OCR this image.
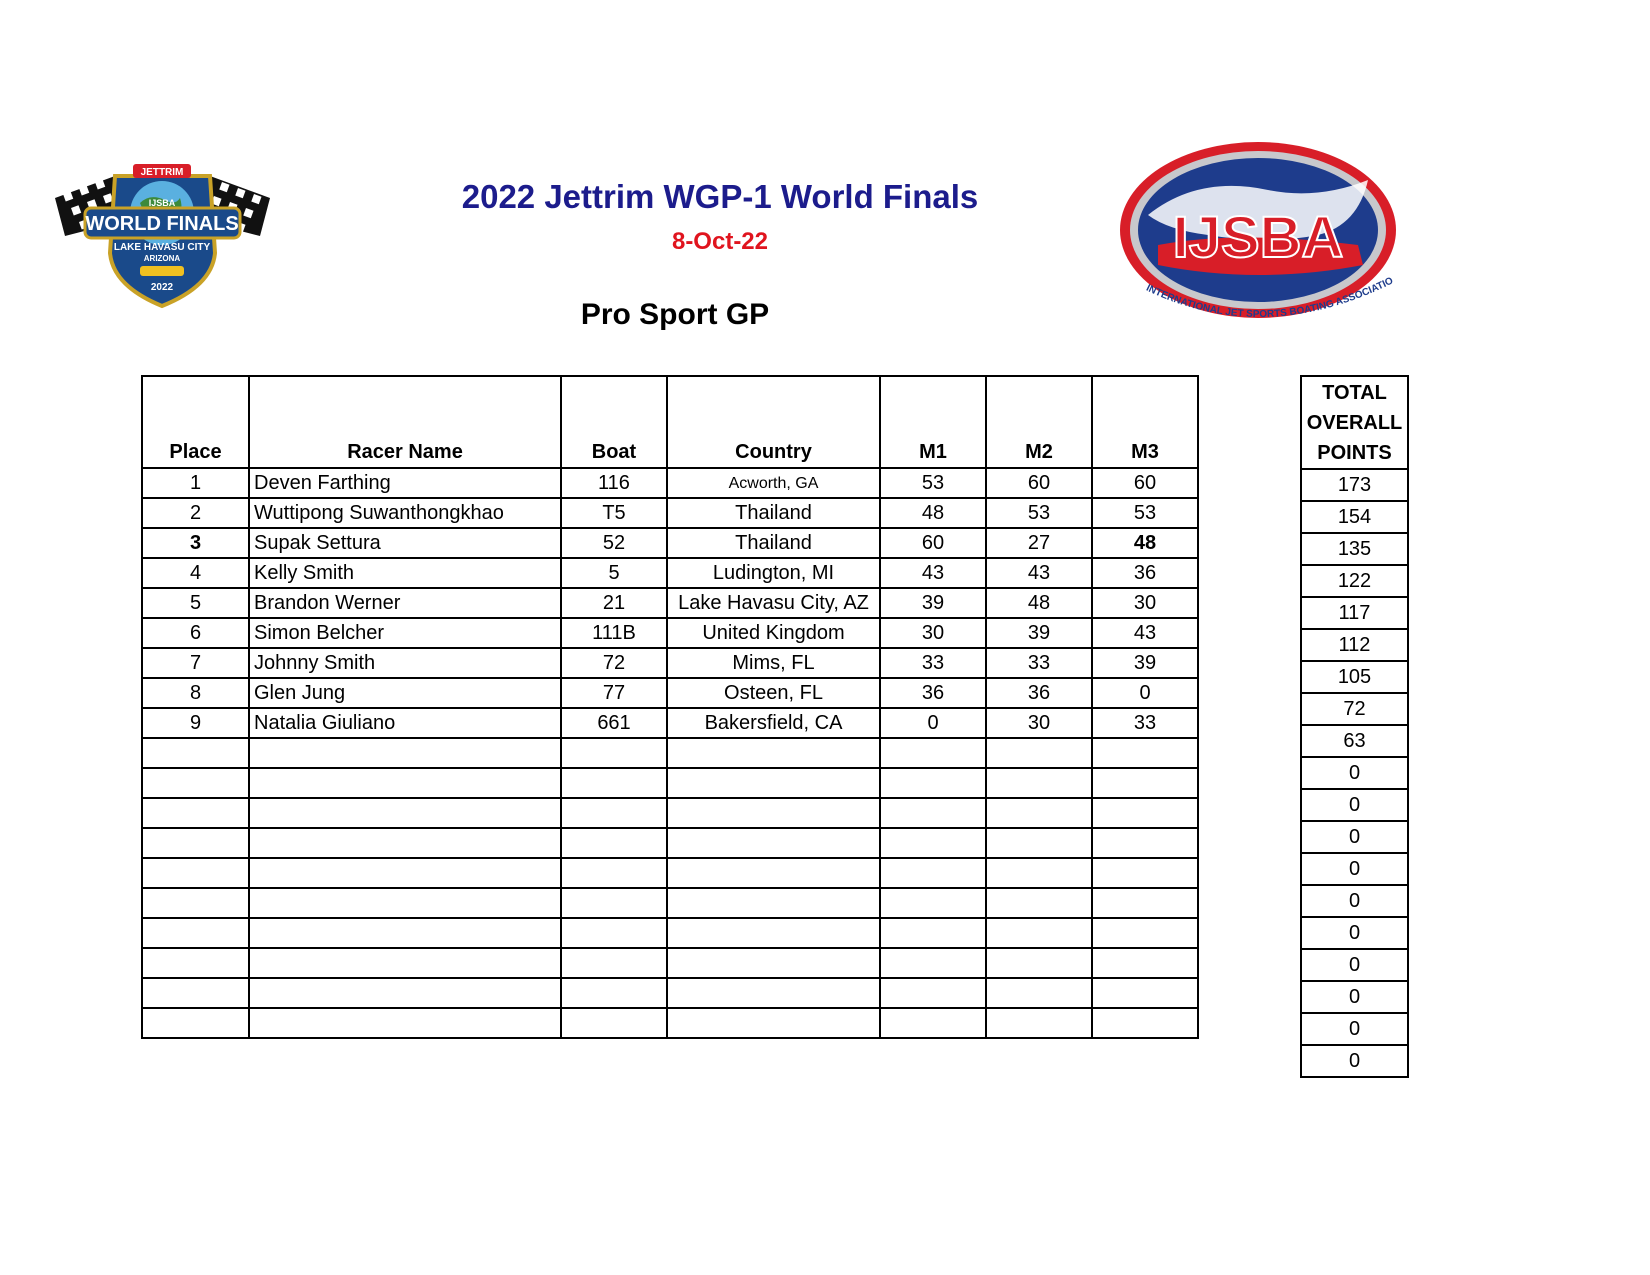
JETTRIM
IJSBA
WORLD FINALS
LAKE HAVASU CITY
ARIZONA
2022
2022 Jettrim WGP-1 World Finals
8-Oct-22
Pro Sport GP
IJSBA
INTERNATIONAL JET SPORTS BOATING ASSOCIATIO
Place	Racer Name	Boat	Country	M1	M2	M3
1	Deven Farthing	116	Acworth, GA	53	60	60
2	Wuttipong Suwanthongkhao	T5	Thailand	48	53	53
3	Supak Settura	52	Thailand	60	27	48
4	Kelly Smith	5	Ludington, MI	43	43	36
5	Brandon Werner	21	Lake Havasu City, AZ	39	48	30
6	Simon Belcher	111B	United Kingdom	30	39	43
7	Johnny Smith	72	Mims, FL	33	33	39
8	Glen Jung	77	Osteen, FL	36	36	0
9	Natalia Giuliano	661	Bakersfield, CA	0	30	33

TOTAL
OVERALL
POINTS

173
154
135
122
117
112
105
72
63
0
0
0
0
0
0
0
0
0
0
